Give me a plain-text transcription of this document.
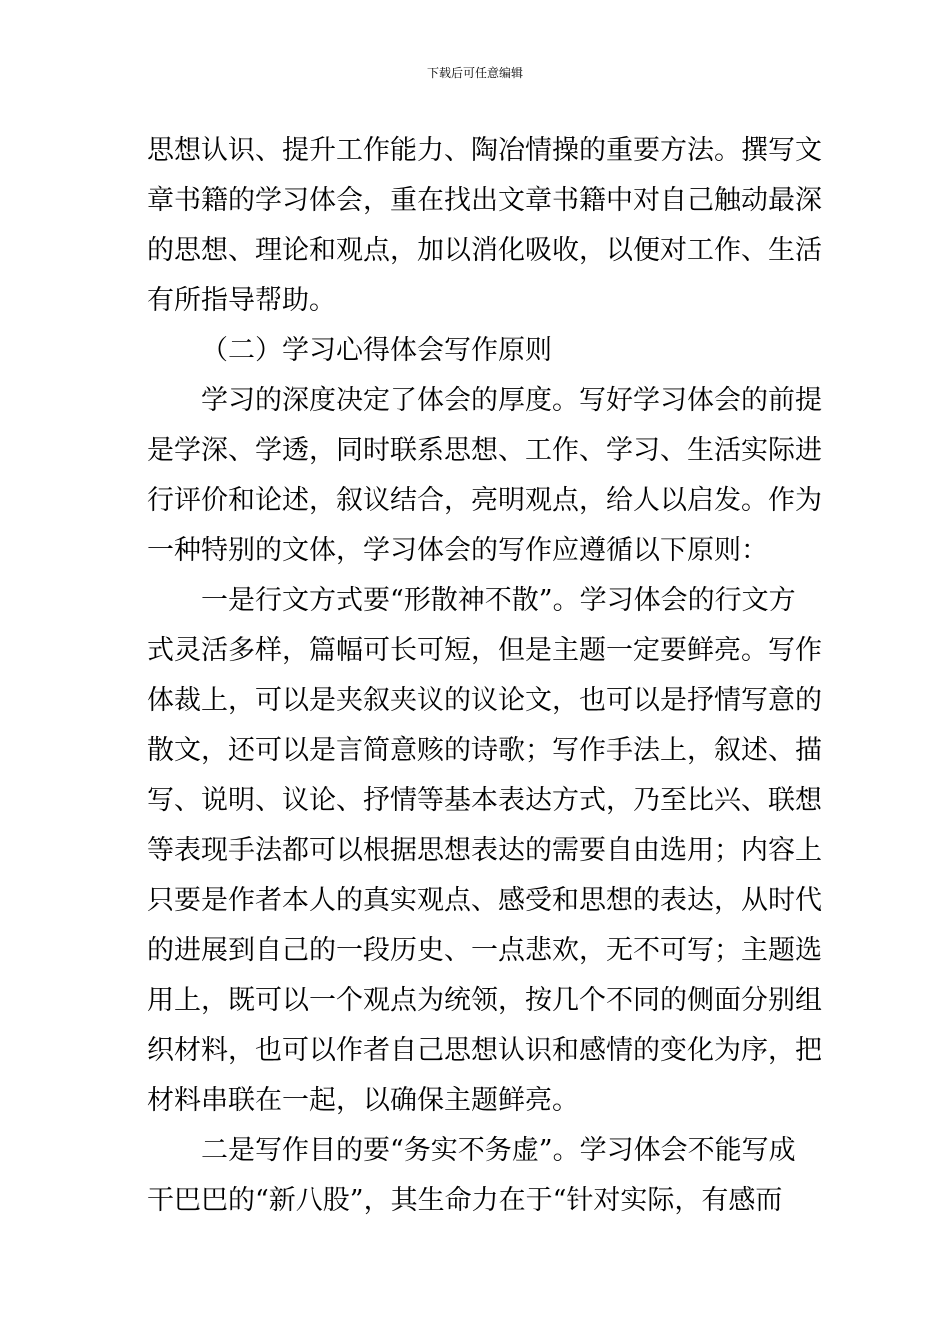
下载后可任意编辑
思想认识、提升工作能力、陶冶情操的重要方法。撰写文
章书籍的学习体会，重在找出文章书籍中对自己触动最深
的思想、理论和观点，加以消化吸收，以便对工作、生活
有所指导帮助。
（二）学习心得体会写作原则
学习的深度决定了体会的厚度。写好学习体会的前提
是学深、学透，同时联系思想、工作、学习、生活实际进
行评价和论述，叙议结合，亮明观点，给人以启发。作为
一种特别的文体，学习体会的写作应遵循以下原则：
一是行文方式要“形散神不散”。学习体会的行文方
式灵活多样，篇幅可长可短，但是主题一定要鲜亮。写作
体裁上，可以是夹叙夹议的议论文，也可以是抒情写意的
散文，还可以是言简意赅的诗歌；写作手法上，叙述、描
写、说明、议论、抒情等基本表达方式，乃至比兴、联想
等表现手法都可以根据思想表达的需要自由选用；内容上
只要是作者本人的真实观点、感受和思想的表达，从时代
的进展到自己的一段历史、一点悲欢，无不可写；主题选
用上，既可以一个观点为统领，按几个不同的侧面分别组
织材料，也可以作者自己思想认识和感情的变化为序，把
材料串联在一起，以确保主题鲜亮。
二是写作目的要“务实不务虚”。学习体会不能写成
干巴巴的“新八股”，其生命力在于“针对实际，有感而
